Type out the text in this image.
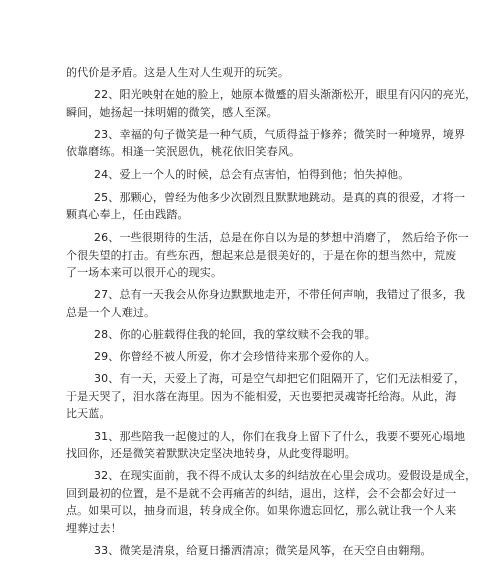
的代价是矛盾。这是人生对人生观开的玩笑。
22、阳光映射在她的脸上，她原本微蹙的眉头渐渐松开，眼里有闪闪的亮光，
瞬间，她扬起一抹明媚的微笑，感人至深。
23、幸福的句子微笑是一种气质，气质得益于修养；微笑时一种境界，境界
依靠磨练。相逢一笑泯恩仇，桃花依旧笑春风。
24、爱上一个人的时候，总会有点害怕，怕得到他；怕失掉他。
25、那颗心，曾经为他多少次剧烈且默默地跳动。是真的真的很爱，才将一
颗真心奉上，任由践踏。
26、一些很期待的生活，总是在你自以为是的梦想中消磨了， 然后给予你一
个很失望的打击。有些东西，想起来总是很美好的，于是在你的想当然中，荒废
了一场本来可以很开心的现实。
27、总有一天我会从你身边默默地走开，不带任何声响，我错过了很多，我
总是一个人难过。
28、你的心脏载得住我的轮回，我的掌纹赎不会我的罪。
29、你曾经不被人所爱，你才会珍惜待来那个爱你的人。
30、有一天，天爱上了海，可是空气却把它们阻隔开了，它们无法相爱了，
于是天哭了，泪水落在海里。因为不能相爱，天也要把灵魂寄托给海。从此，海
比天蓝。
31、那些陪我一起傻过的人，你们在我身上留下了什么，我要不要死心塌地
找回你，还是微笑着默默决定坚决地转身，从此变得聪明。
32、在现实面前，我不得不成认太多的纠结放在心里会成功。爱假设是成全，
回到最初的位置，是不是就不会再痛苦的纠结，退出，这样，会不会都会好过一
点。如果可以，抽身而退，转身成全你。如果你遗忘回忆，那么就让我一个人来
埋葬过去！
33、微笑是清泉，给夏日播洒清凉；微笑是风筝，在天空自由翱翔。
